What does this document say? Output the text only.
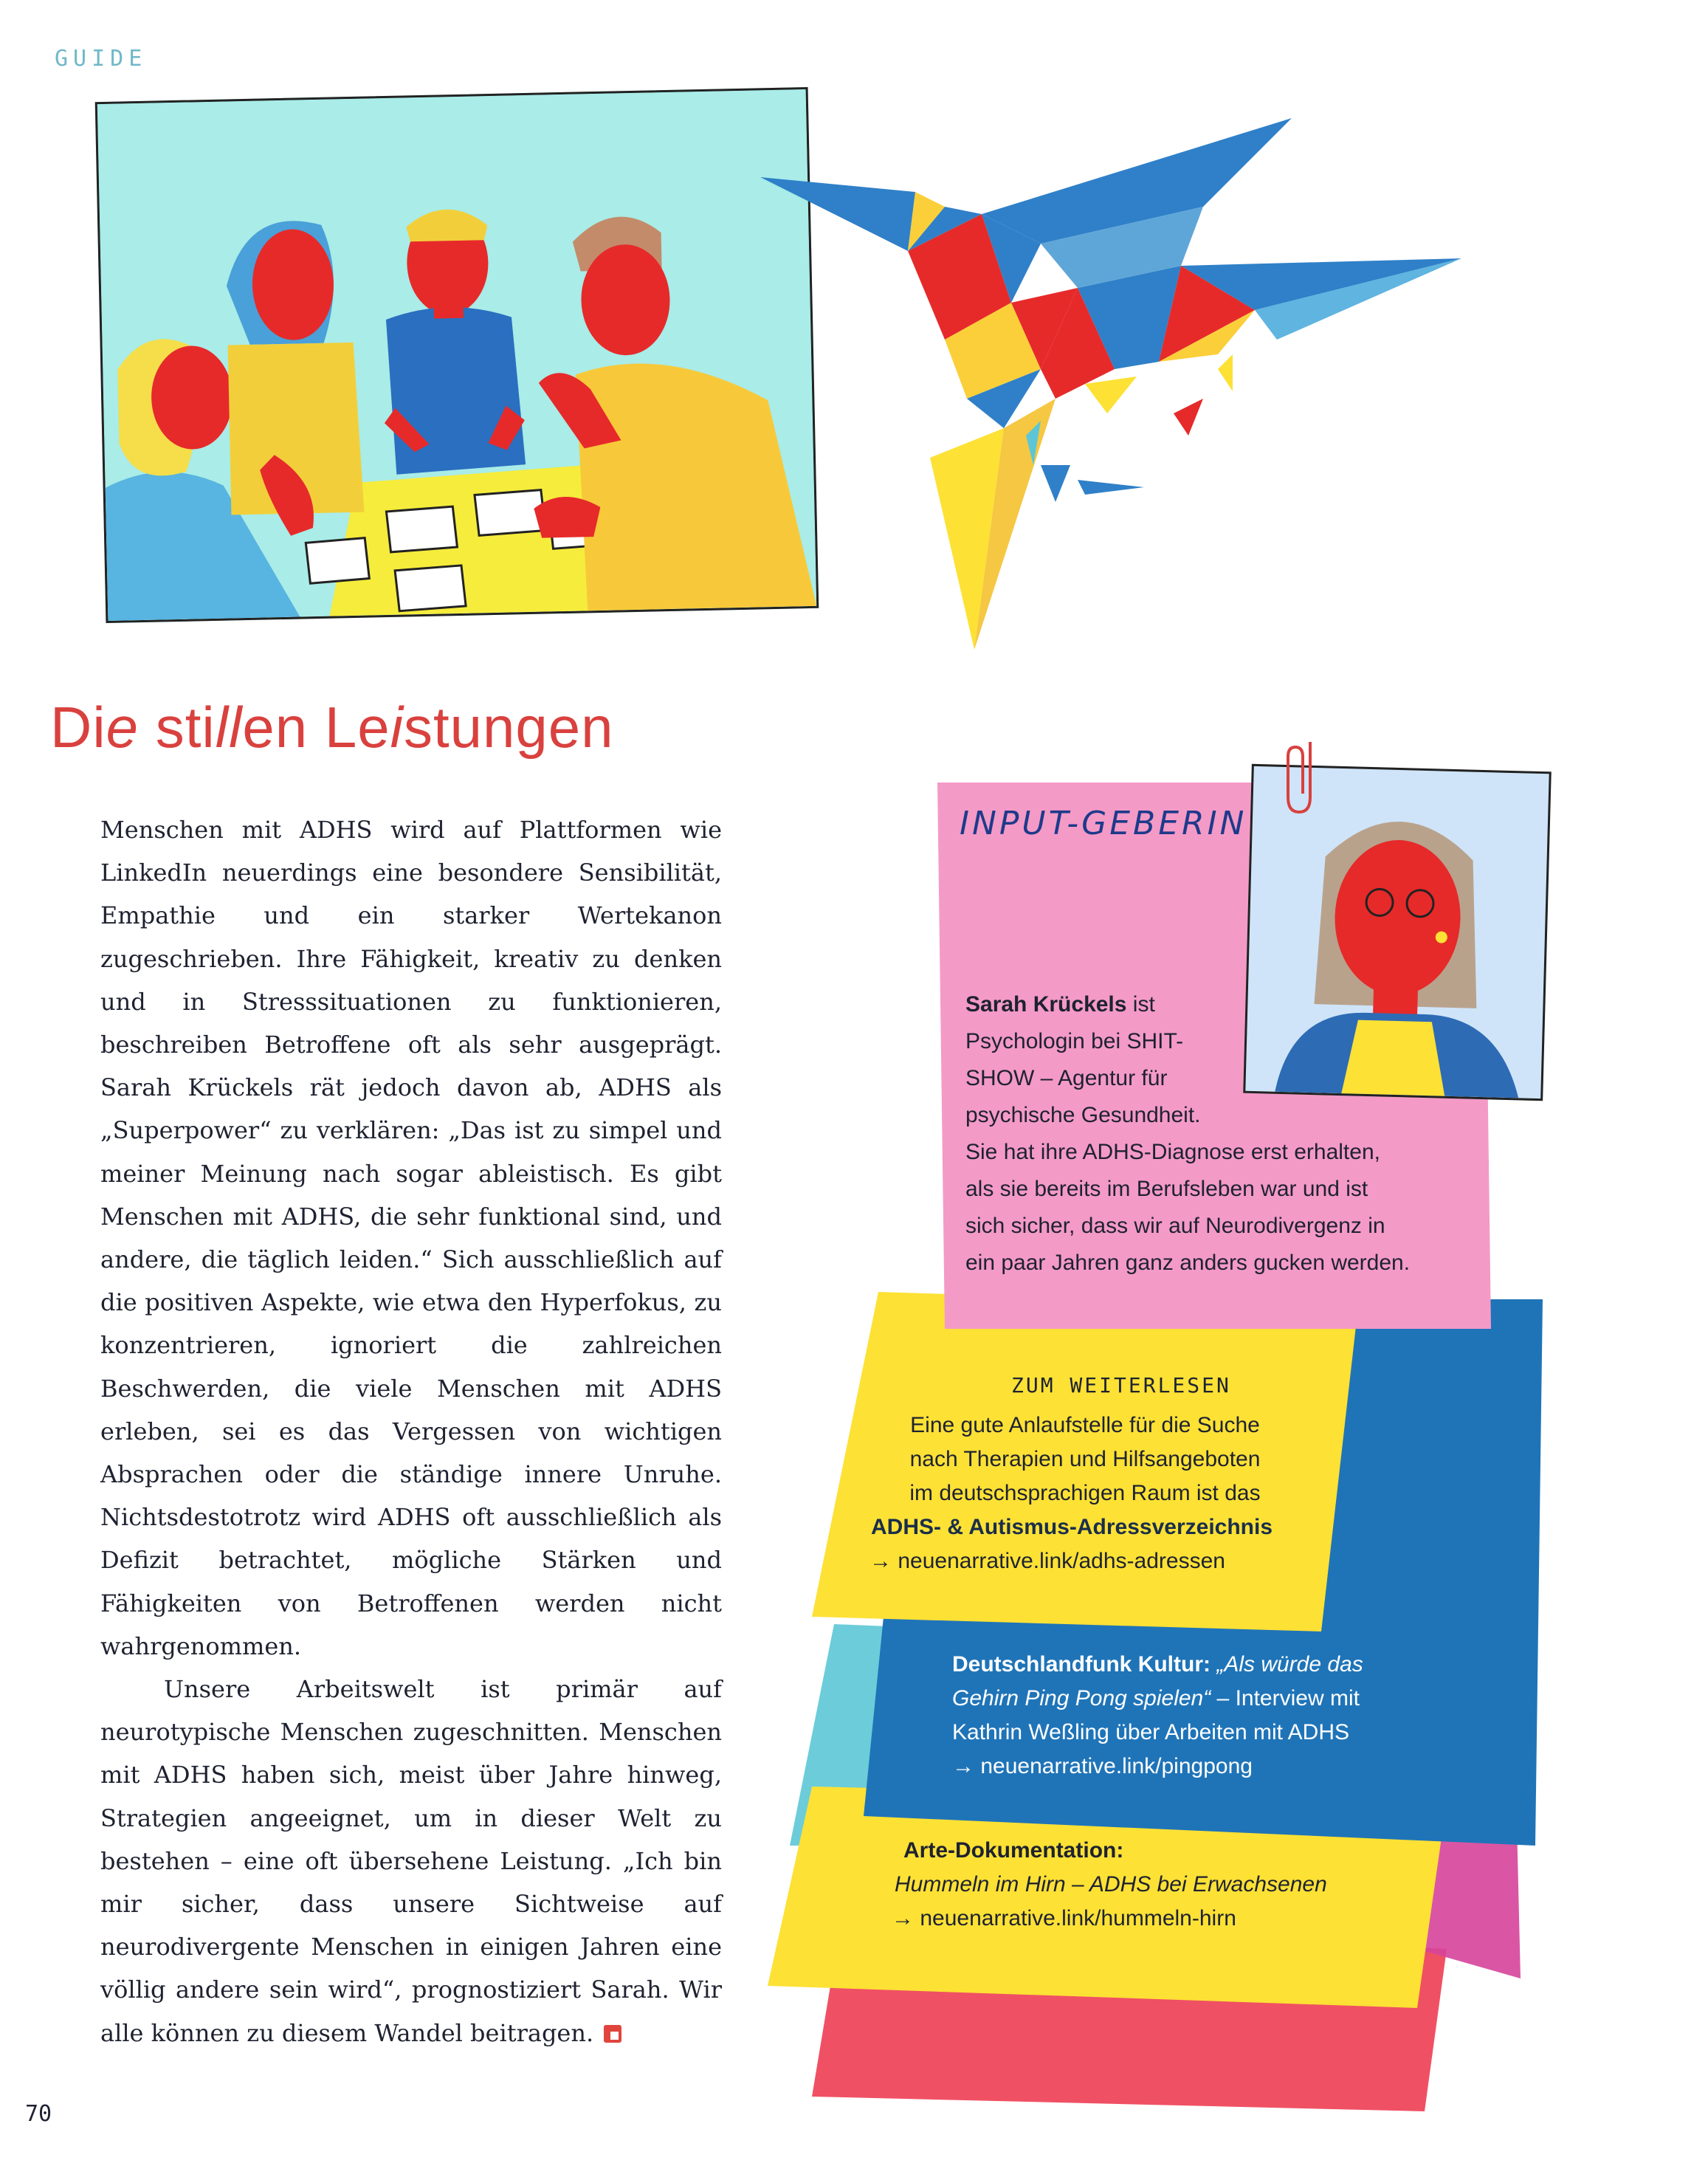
GUIDE
Die stillen Leistungen

Menschen mit ADHS wird auf Plattformen wie LinkedIn neuerdings eine besondere Sensibilität, Empathie und ein starker Wertekanon zugeschrieben. Ihre Fähigkeit, kreativ zu denken und in Stresssituationen zu funktionieren, beschreiben Betroffene oft als sehr ausgeprägt. Sarah Krückels rät jedoch davon ab, ADHS als „Superpower“ zu verklären: „Das ist zu simpel und meiner Meinung nach sogar ableistisch. Es gibt Menschen mit ADHS, die sehr funktional sind, und andere, die täglich leiden.“ Sich ausschließlich auf die positiven Aspekte, wie etwa den Hyperfokus, zu konzentrieren, ignoriert die zahlreichen Beschwerden, die viele Menschen mit ADHS erleben, sei es das Vergessen von wichtigen Absprachen oder die ständige innere Unruhe. Nichtsdestotrotz wird ADHS oft ausschließlich als Defizit betrachtet, mögliche Stärken und Fähigkeiten von Betroffenen werden nicht wahrgenommen.

Unsere Arbeitswelt ist primär auf neurotypische Menschen zugeschnitten. Menschen mit ADHS haben sich, meist über Jahre hinweg, Strategien angeeignet, um in dieser Welt zu bestehen – eine oft übersehene Leistung. „Ich bin mir sicher, dass unsere Sichtweise auf neurodivergente Menschen in einigen Jahren eine völlig andere sein wird“, prognostiziert Sarah. Wir alle können zu diesem Wandel beitragen.

INPUT-GEBERIN
Sarah Krückels ist
Psychologin bei SHIT-
SHOW – Agentur für
psychische Gesundheit.
Sie hat ihre ADHS-Diagnose erst erhalten,
als sie bereits im Berufsleben war und ist
sich sicher, dass wir auf Neurodivergenz in
ein paar Jahren ganz anders gucken werden.
ZUM WEITERLESEN
Eine gute Anlaufstelle für die Suche
nach Therapien und Hilfsangeboten
im deutschsprachigen Raum ist das
ADHS- & Autismus-Adressverzeichnis
→ neuenarrative.link/adhs-adressen
Deutschlandfunk Kultur: „Als würde das
Gehirn Ping Pong spielen“ – Interview mit
Kathrin Weßling über Arbeiten mit ADHS
→ neuenarrative.link/pingpong
Arte-Dokumentation:
Hummeln im Hirn – ADHS bei Erwachsenen
→ neuenarrative.link/hummeln-hirn
70
